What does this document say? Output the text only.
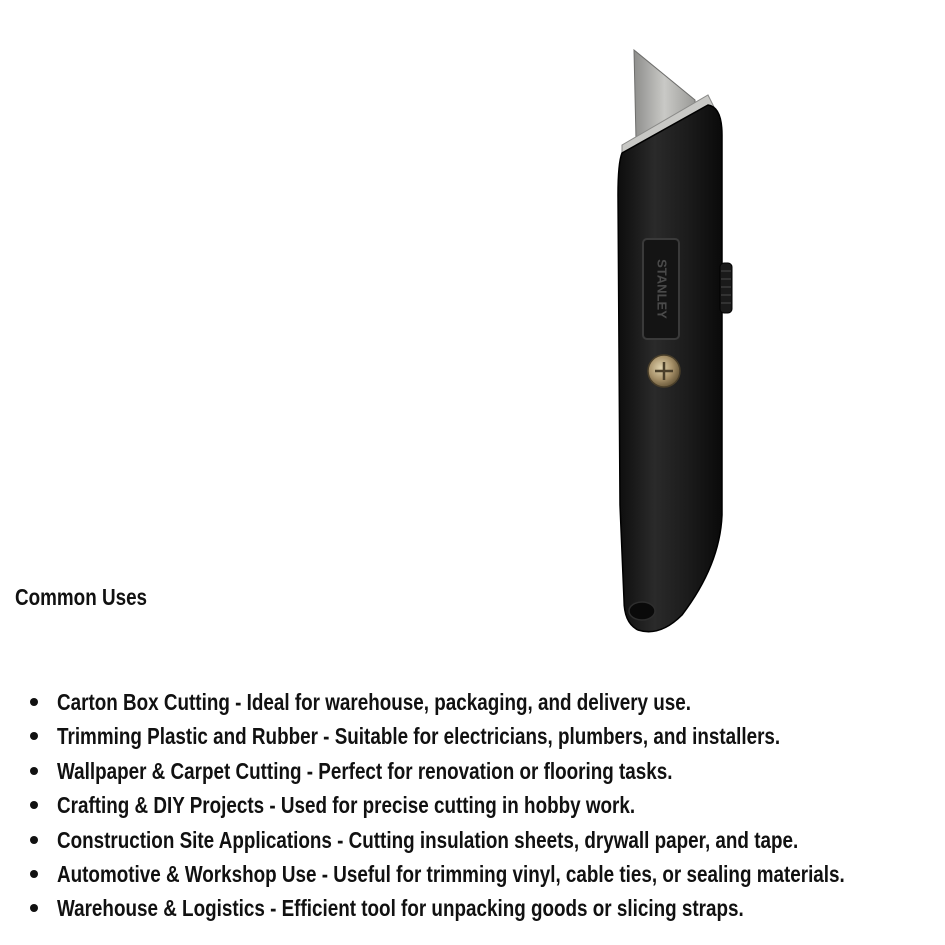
STANLEY
Common Uses
Carton Box Cutting - Ideal for warehouse, packaging, and delivery use.
Trimming Plastic and Rubber - Suitable for electricians, plumbers, and installers.
Wallpaper & Carpet Cutting - Perfect for renovation or flooring tasks.
Crafting & DIY Projects - Used for precise cutting in hobby work.
Construction Site Applications - Cutting insulation sheets, drywall paper, and tape.
Automotive & Workshop Use - Useful for trimming vinyl, cable ties, or sealing materials.
Warehouse & Logistics - Efficient tool for unpacking goods or slicing straps.
